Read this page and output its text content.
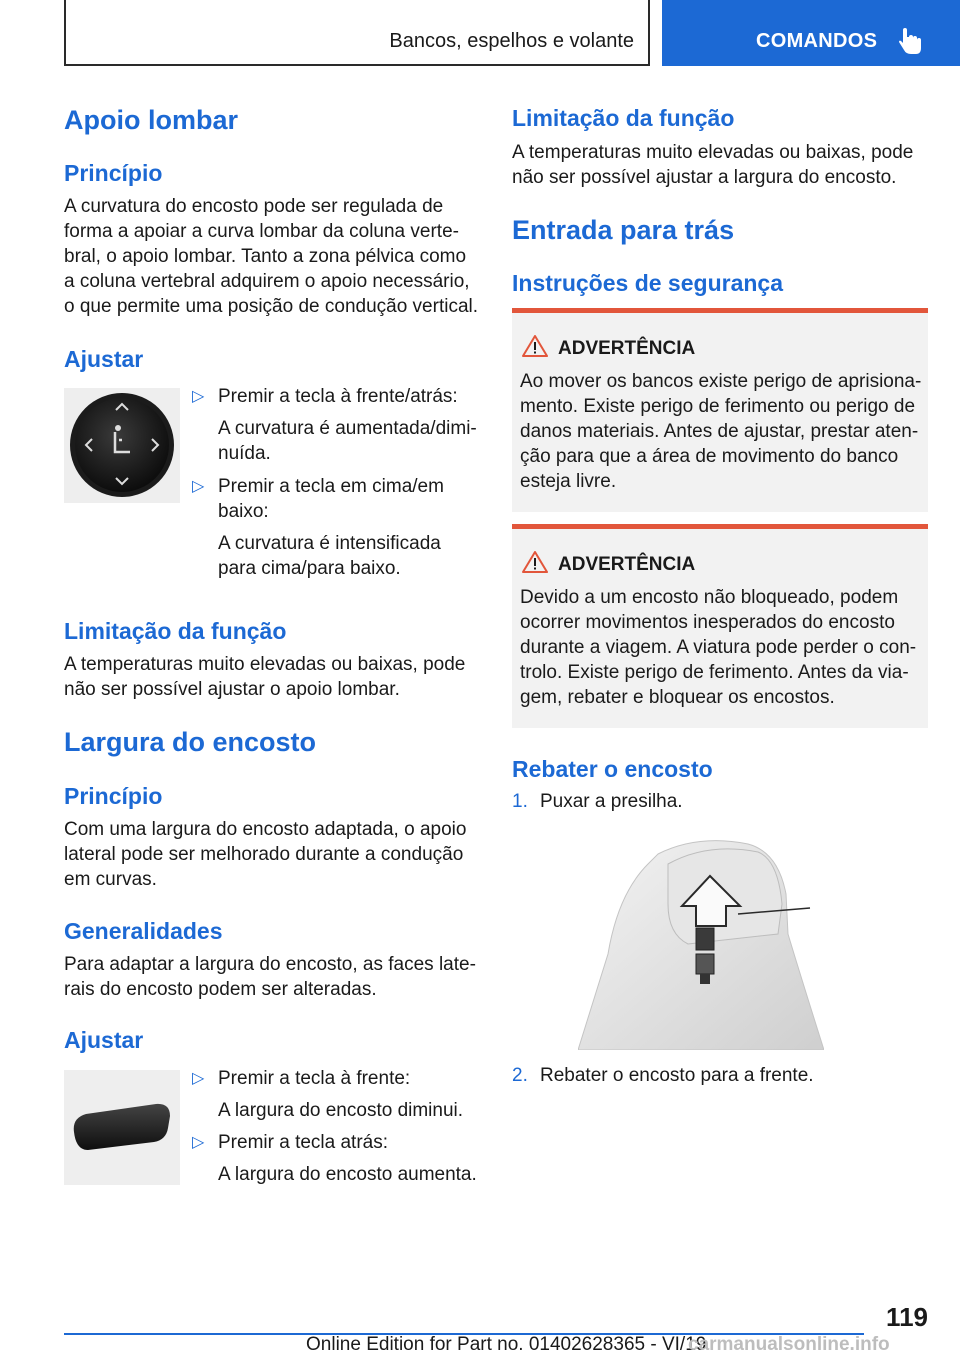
Bancos, espelhos e volante	COMANDOS
Apoio lombar
Princípio
A curvatura do encosto pode ser regulada de
forma a apoiar a curva lombar da coluna verte‐
bral, o apoio lombar. Tanto a zona pélvica como
a coluna vertebral adquirem o apoio necessário,
o que permite uma posição de condução vertical.
Ajustar
▷ Premir a tecla à frente/atrás:
A curvatura é aumentada/dimi‐
nuída.
▷ Premir a tecla em cima/em
baixo:
A curvatura é intensificada
para cima/para baixo.
Limitação da função
A temperaturas muito elevadas ou baixas, pode
não ser possível ajustar o apoio lombar.
Largura do encosto
Princípio
Com uma largura do encosto adaptada, o apoio
lateral pode ser melhorado durante a condução
em curvas.
Generalidades
Para adaptar a largura do encosto, as faces late‐
rais do encosto podem ser alteradas.
Ajustar
▷ Premir a tecla à frente:
A largura do encosto diminui.
▷ Premir a tecla atrás:
A largura do encosto aumenta.
Limitação da função
A temperaturas muito elevadas ou baixas, pode
não ser possível ajustar a largura do encosto.
Entrada para trás
Instruções de segurança
ADVERTÊNCIA
Ao mover os bancos existe perigo de aprisiona‐
mento. Existe perigo de ferimento ou perigo de
danos materiais. Antes de ajustar, prestar aten‐
ção para que a área de movimento do banco
esteja livre.
ADVERTÊNCIA
Devido a um encosto não bloqueado, podem
ocorrer movimentos inesperados do encosto
durante a viagem. A viatura pode perder o con‐
trolo. Existe perigo de ferimento. Antes da via‐
gem, rebater e bloquear os encostos.
Rebater o encosto
1. Puxar a presilha.
2. Rebater o encosto para a frente.
119
Online Edition for Part no. 01402628365 - VI/19
carmanualsonline.info
